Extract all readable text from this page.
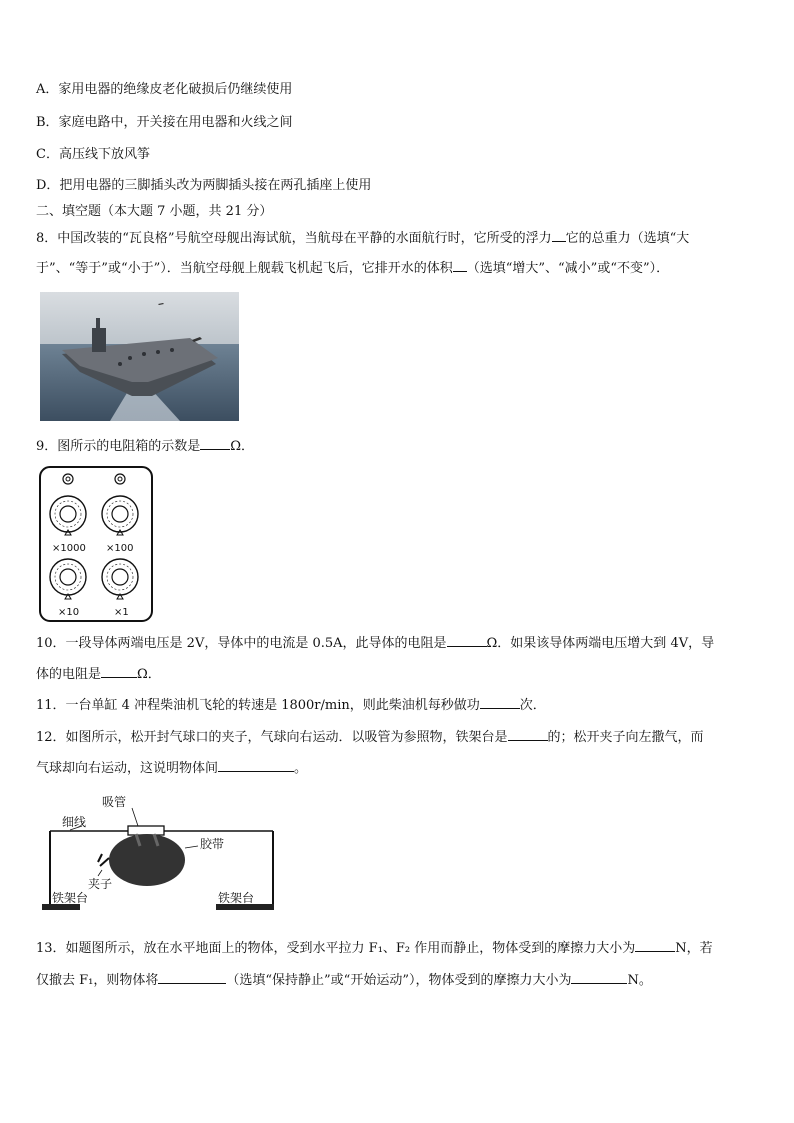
A．家用电器的绝缘皮老化破损后仍继续使用
B．家庭电路中，开关接在用电器和火线之间
C．高压线下放风筝
D．把用电器的三脚插头改为两脚插头接在两孔插座上使用
二、填空题（本大题 7 小题，共 21 分）
8．中国改装的“瓦良格”号航空母舰出海试航，当航母在平静的水面航行时，它所受的浮力 它的总重力（选填“大
于”、“等于”或“小于”）．当航空母舰上舰载飞机起飞后，它排开水的体积 （选填“增大”、“减小”或“不变”）．
9．图所示的电阻箱的示数是 Ω．
×1000 ×100
×10	×1
10．一段导体两端电压是 2V，导体中的电流是 0.5A，此导体的电阻是	Ω．如果该导体两端电压增大到 4V，导
体的电阻是	Ω．
11．一台单缸 4 冲程柴油机飞轮的转速是 1800r/min，则此柴油机每秒做功	次．
12．如图所示，松开封气球口的夹子，气球向右运动．以吸管为参照物，铁架台是	的；松开夹子向左撒气，而
气球却向右运动，这说明物体间	。
吸管
细线
胶带
夹子
铁架台	铁架台
13．如题图所示，放在水平地面上的物体，受到水平拉力 F₁、F₂ 作用而静止，物体受到的摩擦力大小为	N，若
仅撤去 F₁，则物体将	（选填“保持静止”或“开始运动”），物体受到的摩擦力大小为	N。
